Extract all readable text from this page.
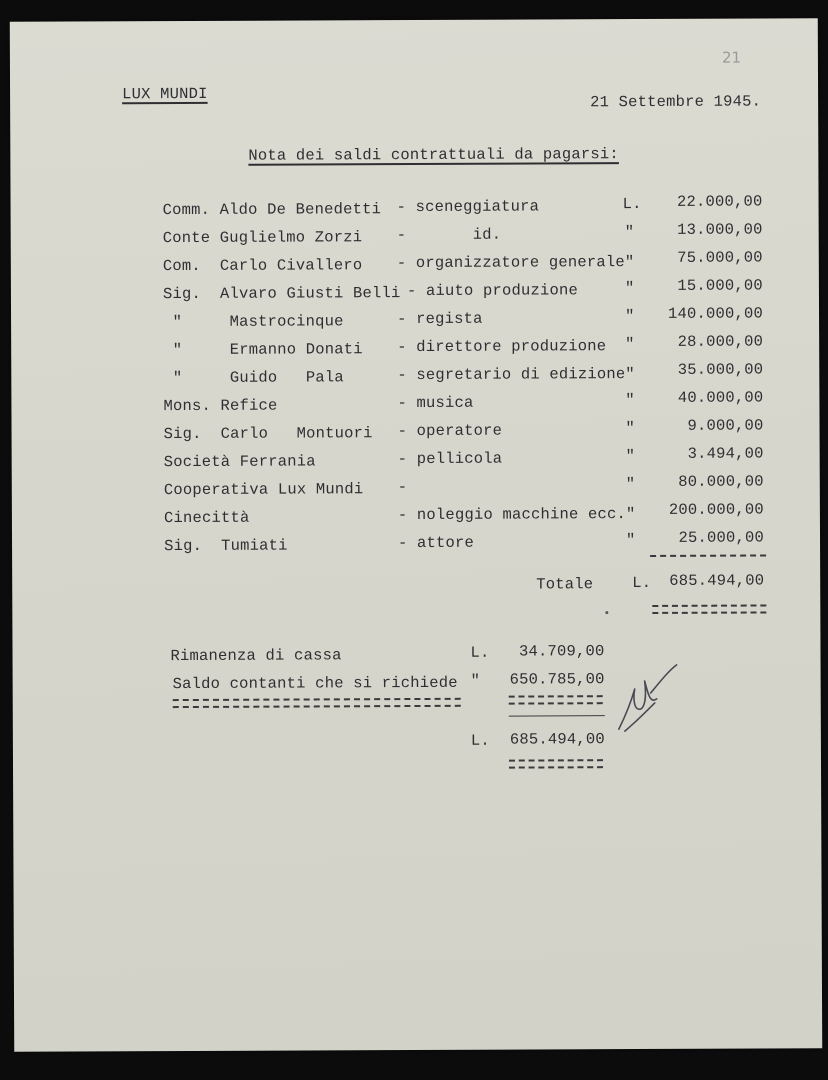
21
LUX MUNDI	21 Settembre 1945.
Nota dei saldi contrattuali da pagarsi:
Comm. Aldo De Benedetti - sceneggiatura	L.	22.000,00
Conte Guglielmo Zorzi -       id.	"	13.000,00
Com.  Carlo Civallero - organizzatore generale"	75.000,00
Sig.  Alvaro Giusti Belli - aiuto produzione	"	15.000,00
"     Mastrocinque	- regista	"	140.000,00
"     Ermanno Donati - direttore produzione "	28.000,00
"     Guido   Pala	- segretario di edizione"	35.000,00
Mons. Refice	- musica	"	40.000,00
Sig.  Carlo   Montuori - operatore	"	9.000,00
Società Ferrania	- pellicola	"	3.494,00
Cooperativa Lux Mundi -	"	80.000,00
Cinecittà	- noleggio macchine ecc."	200.000,00
Sig.  Tumiati	- attore	"	25.000,00
Totale	L.	685.494,00
Rimanenza di cassa	L.	34.709,00
Saldo contanti che si richiede "	650.785,00
L.	685.494,00
